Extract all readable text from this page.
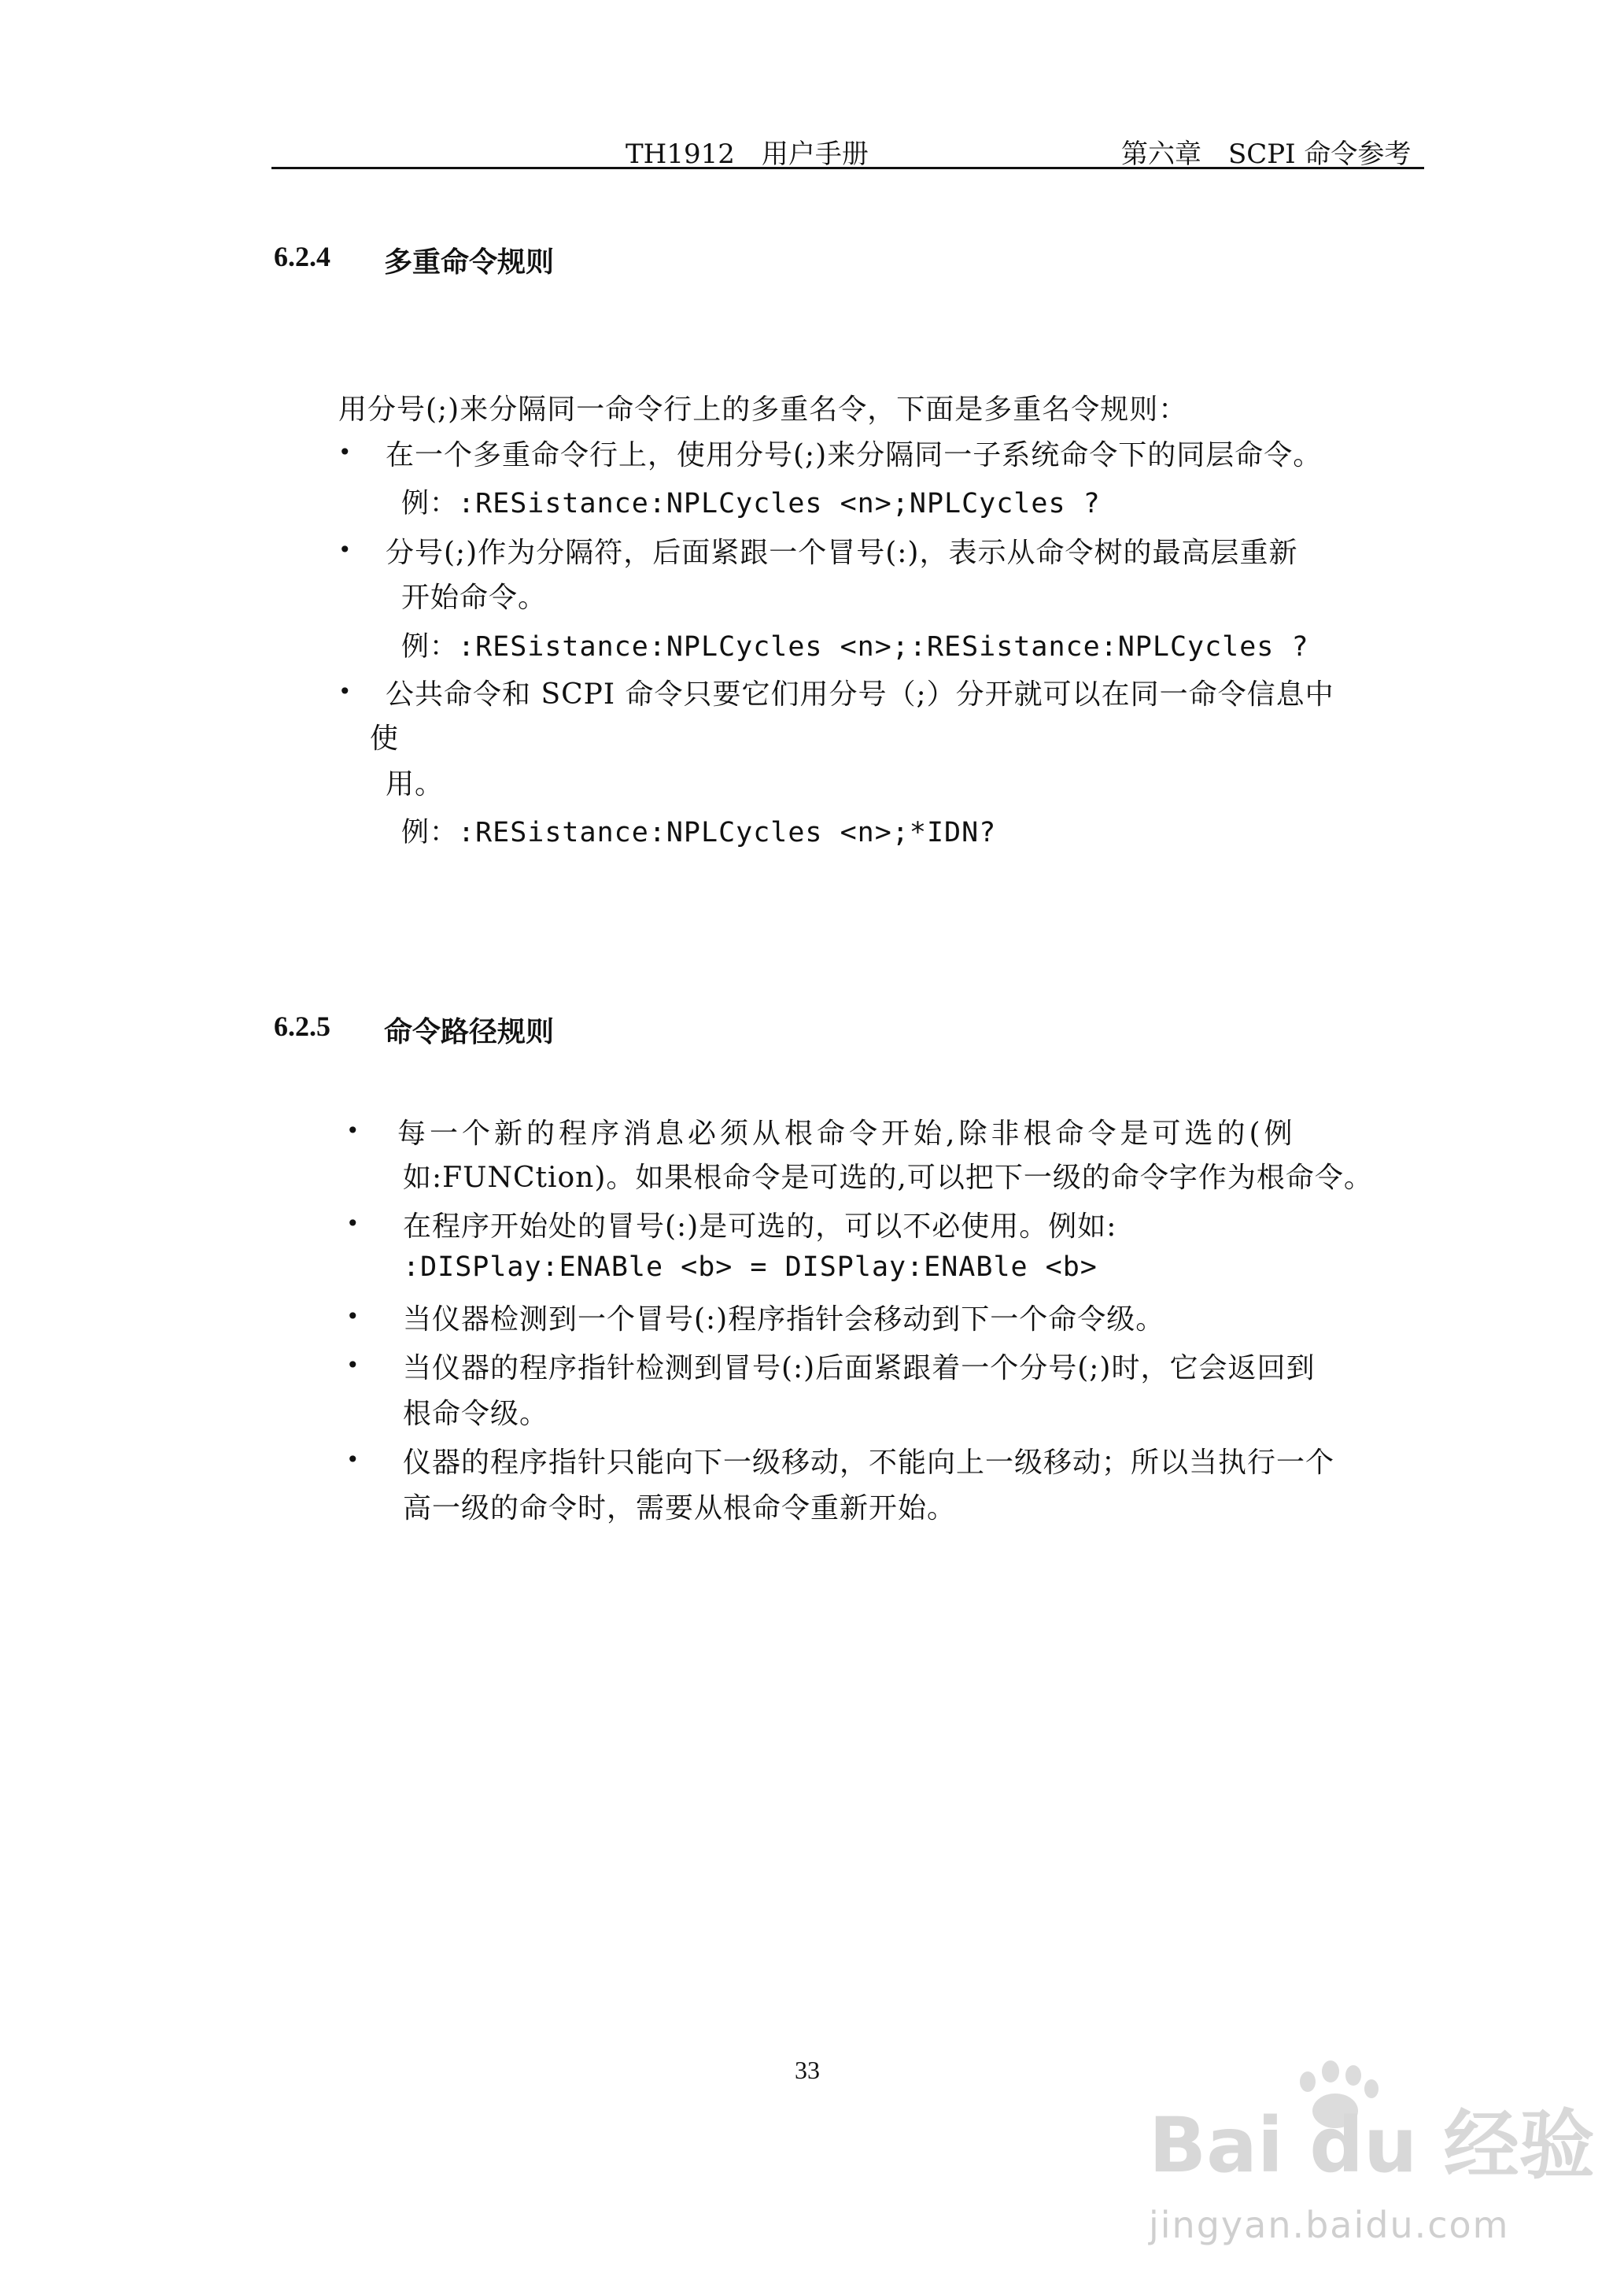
TH1912　用户手册	第六章　SCPI 命令参考
6.2.4 多重命令规则
用分号(;)来分隔同一命令行上的多重名令，下面是多重名令规则：
• 在一个多重命令行上，使用分号(;)来分隔同一子系统命令下的同层命令。
例：:RESistance:NPLCycles <n>;NPLCycles ?
• 分号(;)作为分隔符，后面紧跟一个冒号(:)，表示从命令树的最高层重新
开始命令。
例：:RESistance:NPLCycles <n>;:RESistance:NPLCycles ?
• 公共命令和 SCPI 命令只要它们用分号（;）分开就可以在同一命令信息中
使
用。
例：:RESistance:NPLCycles <n>;*IDN?
6.2.5 命令路径规则
• 每一个新的程序消息必须从根命令开始,除非根命令是可选的(例
如:FUNCtion)。如果根命令是可选的,可以把下一级的命令字作为根命令。
• 在程序开始处的冒号(:)是可选的，可以不必使用。例如:
:DISPlay:ENABle <b> = DISPlay:ENABle <b>
• 当仪器检测到一个冒号(:)程序指针会移动到下一个命令级。
• 当仪器的程序指针检测到冒号(:)后面紧跟着一个分号(;)时，它会返回到
根命令级。
• 仪器的程序指针只能向下一级移动，不能向上一级移动；所以当执行一个
高一级的命令时，需要从根命令重新开始。
33
Bai du 经验
jingyan.baidu.com
